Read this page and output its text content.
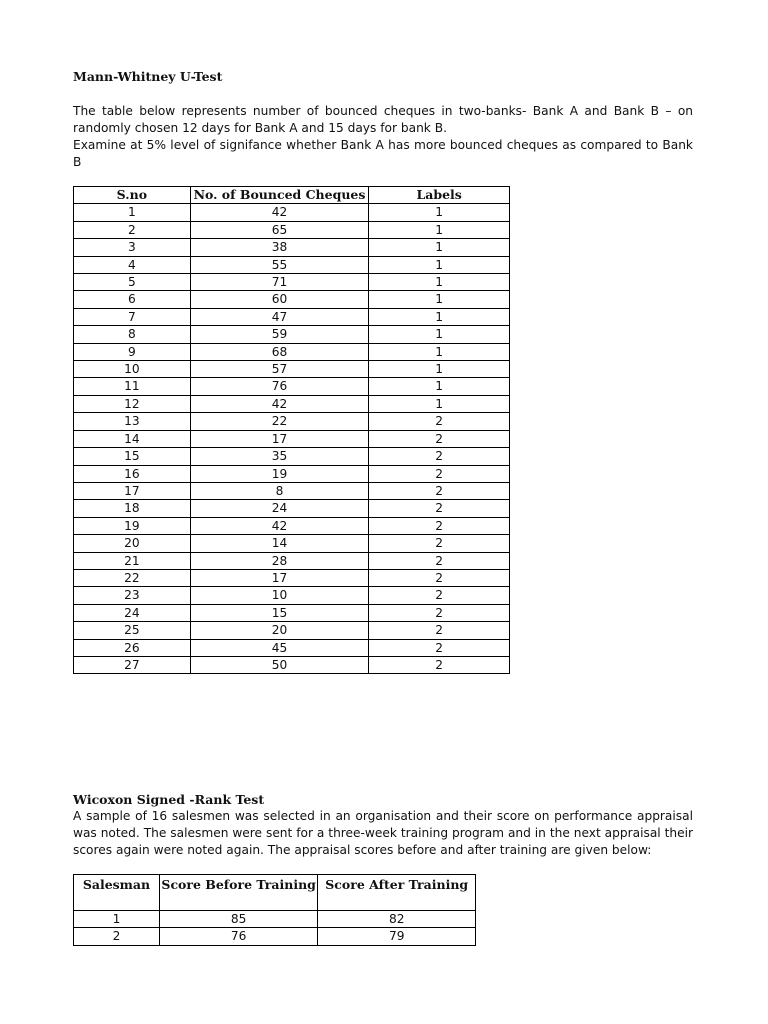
Mann-Whitney U-Test

The table below represents number of bounced cheques in two-banks- Bank A and Bank B – on randomly chosen 12 days for Bank A and 15 days for bank B.

Examine at 5% level of signifance whether Bank A has more bounced cheques as compared to Bank B

S.no	No. of Bounced Cheques	Labels
1	42	1
2	65	1
3	38	1
4	55	1
5	71	1
6	60	1
7	47	1
8	59	1
9	68	1
10	57	1
11	76	1
12	42	1
13	22	2
14	17	2
15	35	2
16	19	2
17	8	2
18	24	2
19	42	2
20	14	2
21	28	2
22	17	2
23	10	2
24	15	2
25	20	2
26	45	2
27	50	2
Wicoxon Signed -Rank Test

A sample of 16 salesmen was selected in an organisation and their score on performance appraisal was noted. The salesmen were sent for a three-week training program and in the next appraisal their scores again were noted again. The appraisal scores before and after training are given below:

Salesman	Score Before Training	Score After Training
1	85	82
2	76	79
